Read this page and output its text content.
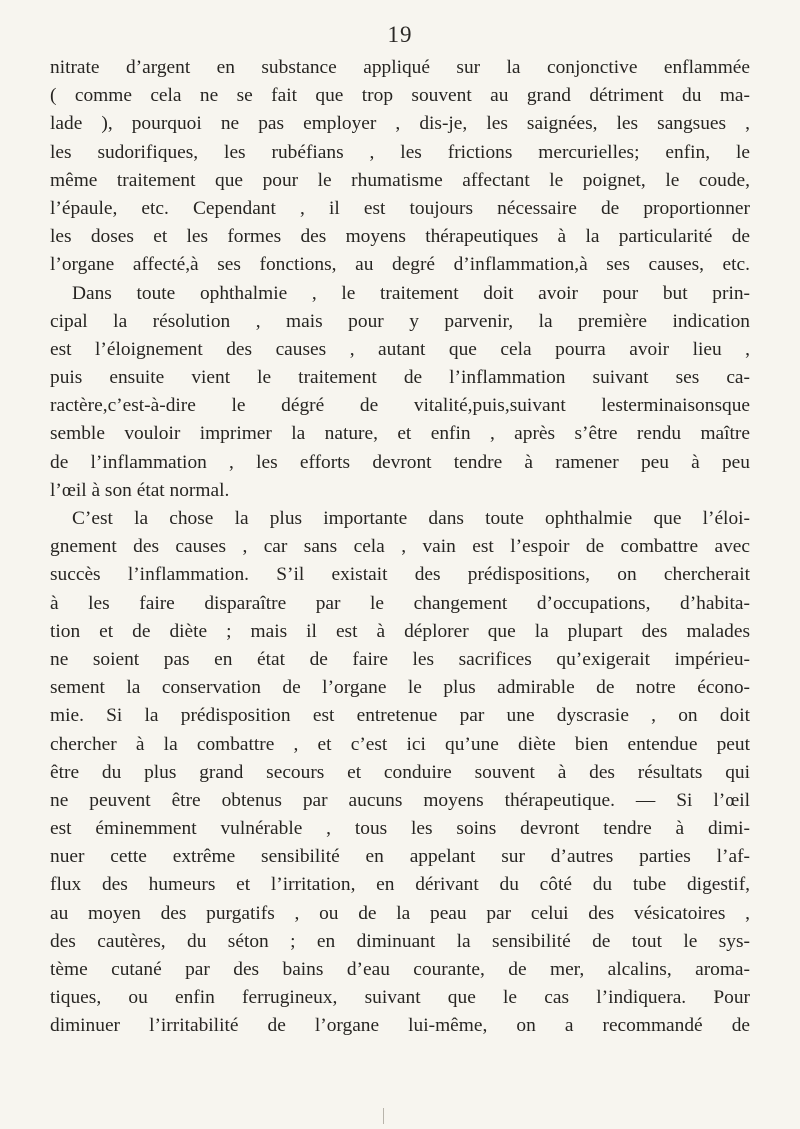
19
nitrate d’argent en substance appliqué sur la conjonctive enflammée
( comme cela ne se fait que trop souvent au grand détriment du ma-
lade ), pourquoi ne pas employer , dis-je, les saignées, les sangsues ,
les sudorifiques, les rubéfians , les frictions mercurielles; enfin, le
même traitement que pour le rhumatisme affectant le poignet, le coude,
l’épaule, etc. Cependant , il est toujours nécessaire de proportionner
les doses et les formes des moyens thérapeutiques à la particularité de
l’organe affecté,à ses fonctions, au degré d’inflammation,à ses causes, etc.
Dans toute ophthalmie , le traitement doit avoir pour but prin-
cipal la résolution , mais pour y parvenir, la première indication
est l’éloignement des causes , autant que cela pourra avoir lieu ,
puis ensuite vient le traitement de l’inflammation suivant ses ca-
ractère,c’est-à-dire le dégré de vitalité,puis,suivant lesterminaisonsque
semble vouloir imprimer la nature, et enfin , après s’être rendu maître
de l’inflammation , les efforts devront tendre à ramener peu à peu
l’œil à son état normal.
C’est la chose la plus importante dans toute ophthalmie que l’éloi-
gnement des causes , car sans cela , vain est l’espoir de combattre avec
succès l’inflammation. S’il existait des prédispositions, on chercherait
à les faire disparaître par le changement d’occupations, d’habita-
tion et de diète ; mais il est à déplorer que la plupart des malades
ne soient pas en état de faire les sacrifices qu’exigerait impérieu-
sement la conservation de l’organe le plus admirable de notre écono-
mie. Si la prédisposition est entretenue par une dyscrasie , on doit
chercher à la combattre , et c’est ici qu’une diète bien entendue peut
être du plus grand secours et conduire souvent à des résultats qui
ne peuvent être obtenus par aucuns moyens thérapeutique. — Si l’œil
est éminemment vulnérable , tous les soins devront tendre à dimi-
nuer cette extrême sensibilité en appelant sur d’autres parties l’af-
flux des humeurs et l’irritation, en dérivant du côté du tube digestif,
au moyen des purgatifs , ou de la peau par celui des vésicatoires ,
des cautères, du séton ; en diminuant la sensibilité de tout le sys-
tème cutané par des bains d’eau courante, de mer, alcalins, aroma-
tiques, ou enfin ferrugineux, suivant que le cas l’indiquera. Pour
diminuer l’irritabilité de l’organe lui-même, on a recommandé de
